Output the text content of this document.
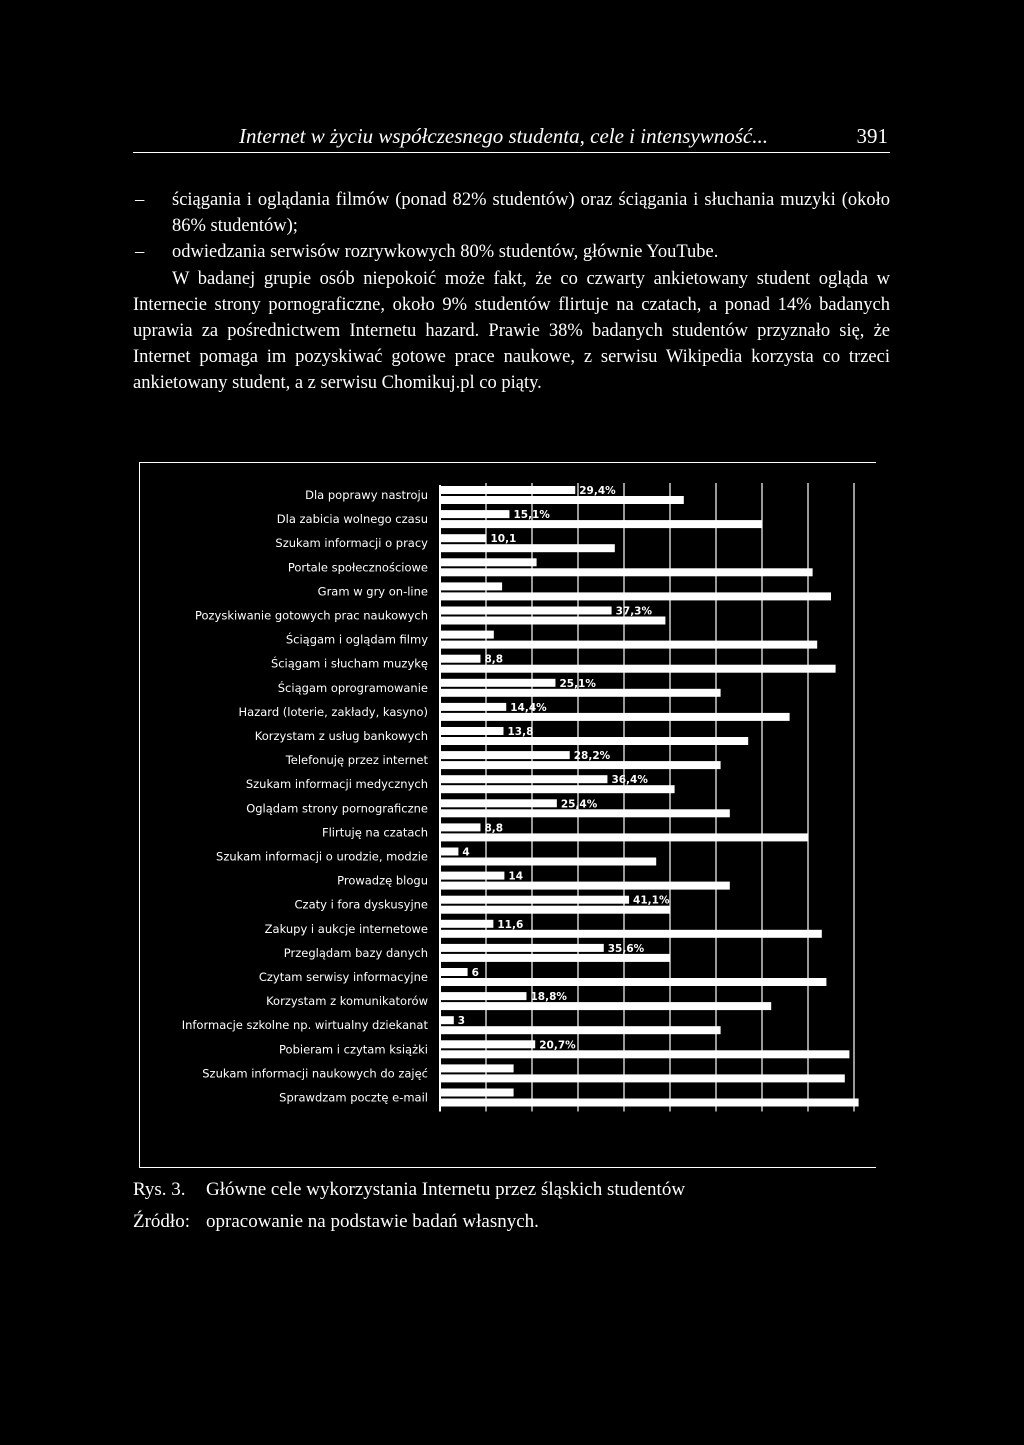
Internet w życiu współczesnego studenta, cele i intensywność...	391
– ściągania i oglądania filmów (ponad 82% studentów) oraz ściągania i słuchania muzyki (około 86% studentów);
– odwiedzania serwisów rozrywkowych 80% studentów, głównie YouTube.
W badanej grupie osób niepokoić może fakt, że co czwarty ankietowany student ogląda w Internecie strony pornograficzne, około 9% studentów flirtuje na czatach, a ponad 14% badanych uprawia za pośrednictwem Internetu hazard. Prawie 38% badanych studentów przyznało się, że Internet pomaga im pozyskiwać gotowe prace naukowe, z serwisu Wikipedia korzysta co trzeci ankietowany student, a z serwisu Chomikuj.pl co piąty.
Dla poprawy nastroju	29,4%
Dla zabicia wolnego czasu	15,1%
Szukam informacji o pracy	10,1
Portale społecznościowe
Gram w gry on-line
Pozyskiwanie gotowych prac naukowych	37,3%
Ściągam i oglądam filmy
Ściągam i słucham muzykę	8,8
Ściągam oprogramowanie	25,1%
Hazard (loterie, zakłady, kasyno)	14,4%
Korzystam z usług bankowych	13,8
Telefonuję przez internet	28,2%
Szukam informacji medycznych	36,4%
Oglądam strony pornograficzne	25,4%
Flirtuję na czatach	8,8
Szukam informacji o urodzie, modzie	4
Prowadzę blogu	14
Czaty i fora dyskusyjne	41,1%
Zakupy i aukcje internetowe	11,6
Przeglądam bazy danych	35,6%
Czytam serwisy informacyjne	6
Korzystam z komunikatorów	18,8%
Informacje szkolne np. wirtualny dziekanat	3
Pobieram i czytam książki	20,7%
Szukam informacji naukowych do zajęć
Sprawdzam pocztę e-mail
Rys. 3. Główne cele wykorzystania Internetu przez śląskich studentów
Źródło: opracowanie na podstawie badań własnych.
